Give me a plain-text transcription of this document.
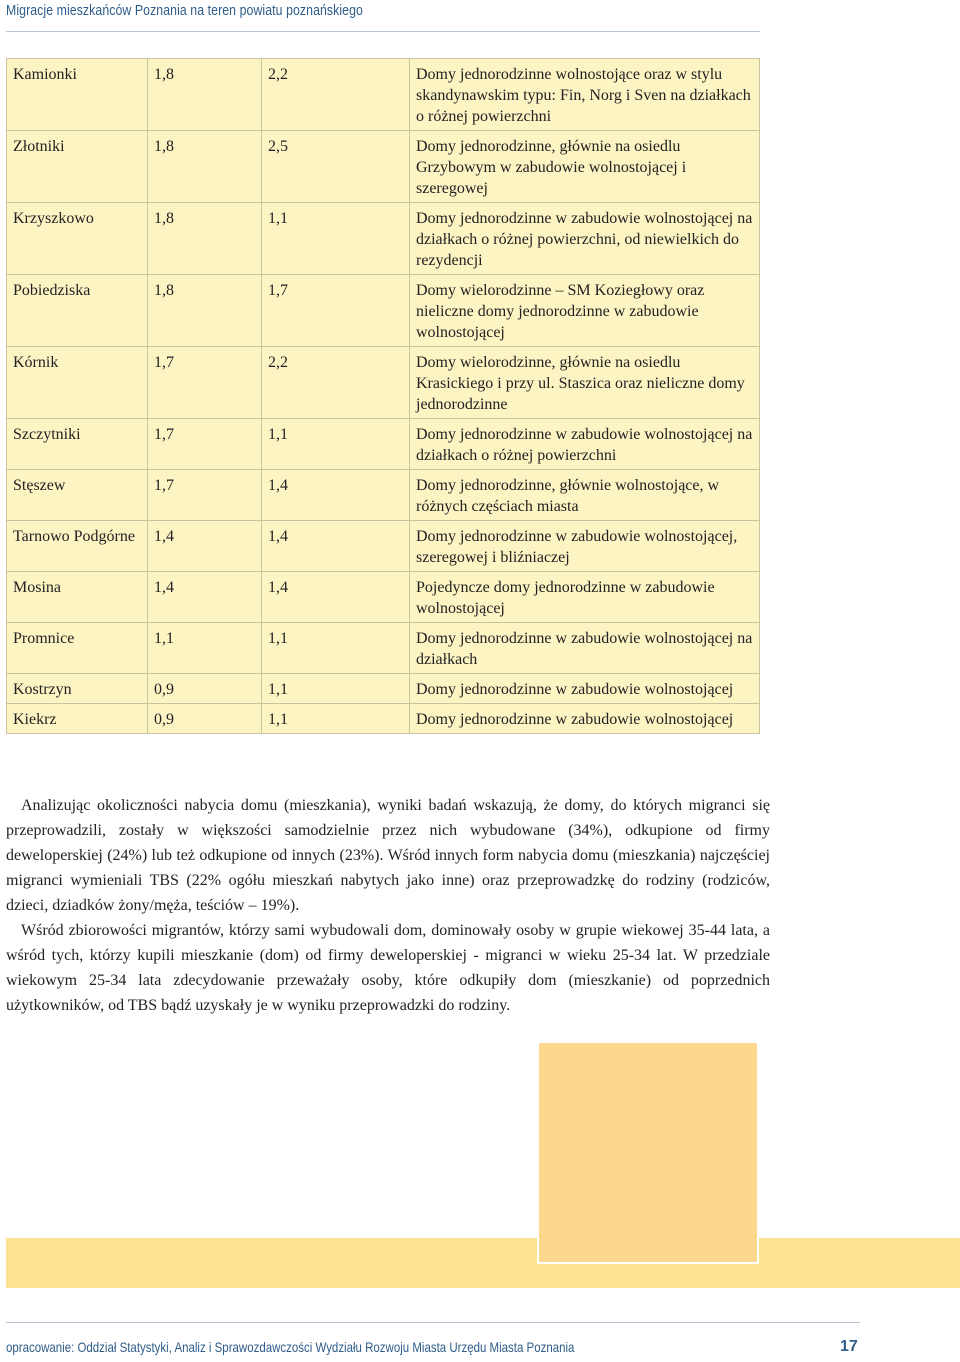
Migracje mieszkańców Poznania na teren powiatu poznańskiego
Kamionki	1,8	2,2	Domy jednorodzinne wolnostojące oraz w stylu skandynawskim typu: Fin, Norg i Sven na działkach o różnej powierzchni
Złotniki	1,8	2,5	Domy jednorodzinne, głównie na osiedlu Grzybowym w zabudowie wolnostojącej i szeregowej
Krzyszkowo	1,8	1,1	Domy jednorodzinne w zabudowie wolnostojącej na działkach o różnej powierzchni, od niewielkich do rezydencji
Pobiedziska	1,8	1,7	Domy wielorodzinne – SM Koziegłowy oraz nieliczne domy jednorodzinne w zabudowie wolnostojącej
Kórnik	1,7	2,2	Domy wielorodzinne, głównie na osiedlu Krasickiego i przy ul. Staszica oraz nieliczne domy jednorodzinne
Szczytniki	1,7	1,1	Domy jednorodzinne w zabudowie wolnostojącej na działkach o różnej powierzchni
Stęszew	1,7	1,4	Domy jednorodzinne, głównie wolnostojące, w różnych częściach miasta
Tarnowo Podgórne	1,4	1,4	Domy jednorodzinne w zabudowie wolnostojącej, szeregowej i bliźniaczej
Mosina	1,4	1,4	Pojedyncze domy jednorodzinne w zabudowie wolnostojącej
Promnice	1,1	1,1	Domy jednorodzinne w zabudowie wolnostojącej na działkach
Kostrzyn	0,9	1,1	Domy jednorodzinne w zabudowie wolnostojącej
Kiekrz	0,9	1,1	Domy jednorodzinne w zabudowie wolnostojącej

Analizując okoliczności nabycia domu (mieszkania), wyniki badań wskazują, że domy, do których migranci się przeprowadzili, zostały w większości samodzielnie przez nich wybudowane (34%), odkupione od firmy deweloperskiej (24%) lub też odkupione od innych (23%). Wśród innych form nabycia domu (mieszkania) najczęściej migranci wymieniali TBS (22% ogółu mieszkań nabytych jako inne) oraz przeprowadzkę do rodziny (rodziców, dzieci, dziadków żony/męża, teściów – 19%).

Wśród zbiorowości migrantów, którzy sami wybudowali dom, dominowały osoby w grupie wiekowej 35-44 lata, a wśród tych, którzy kupili mieszkanie (dom) od firmy deweloperskiej - migranci w wieku 25-34 lat. W przedziale wiekowym 25-34 lata zdecydowanie przeważały osoby, które odkupiły dom (mieszkanie) od poprzednich użytkowników, od TBS bądź uzyskały je w wyniku przeprowadzki do rodziny.

opracowanie: Oddział Statystyki, Analiz i Sprawozdawczości Wydziału Rozwoju Miasta Urzędu Miasta Poznania	17
